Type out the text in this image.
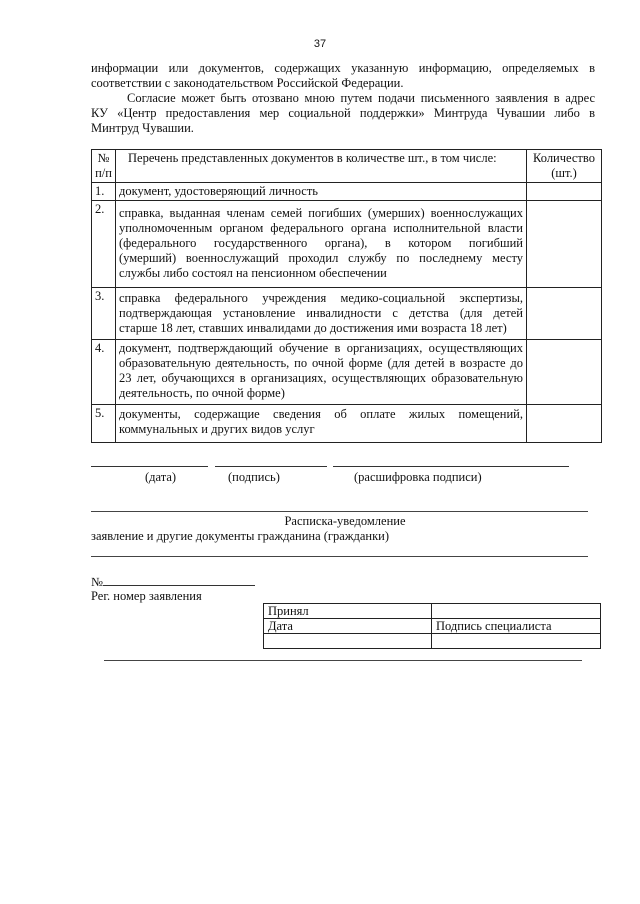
37
информации или документов, содержащих указанную информацию, определяемых в
соответствии с законодательством Российской Федерации.
Согласие может быть отозвано мною путем подачи письменного заявления в адрес
КУ «Центр предоставления мер социальной поддержки» Минтруда Чувашии либо в
Минтруд Чувашии.
№
п/п	Перечень представленных документов в количестве шт., в том числе:	Количество
(шт.)

1.	документ, удостоверяющий личность	

2.	справка, выданная членам семей погибших (умерших) военнослужащих
уполномоченным органом федерального органа исполнительной власти
(федерального государственного органа), в котором погибший
(умерший) военнослужащий проходил службу по последнему месту
службы либо состоял на пенсионном обеспечении	

3.	справка федерального учреждения медико-социальной экспертизы,
подтверждающая установление инвалидности с детства (для детей
старше 18 лет, ставших инвалидами до достижения ими возраста 18 лет)	

4.	документ, подтверждающий обучение в организациях, осуществляющих
образовательную деятельность, по очной форме (для детей в возрасте до
23 лет, обучающихся в организациях, осуществляющих образовательную
деятельность, по очной форме)	

5.	документы, содержащие сведения об оплате жилых помещений,
коммунальных и других видов услуг	

(дата)	(подпись)	(расшифровка подписи)
Расписка-уведомление
заявление и другие документы гражданина (гражданки)
№
Рег. номер заявления
Принял	
Дата	Подпись специалиста
